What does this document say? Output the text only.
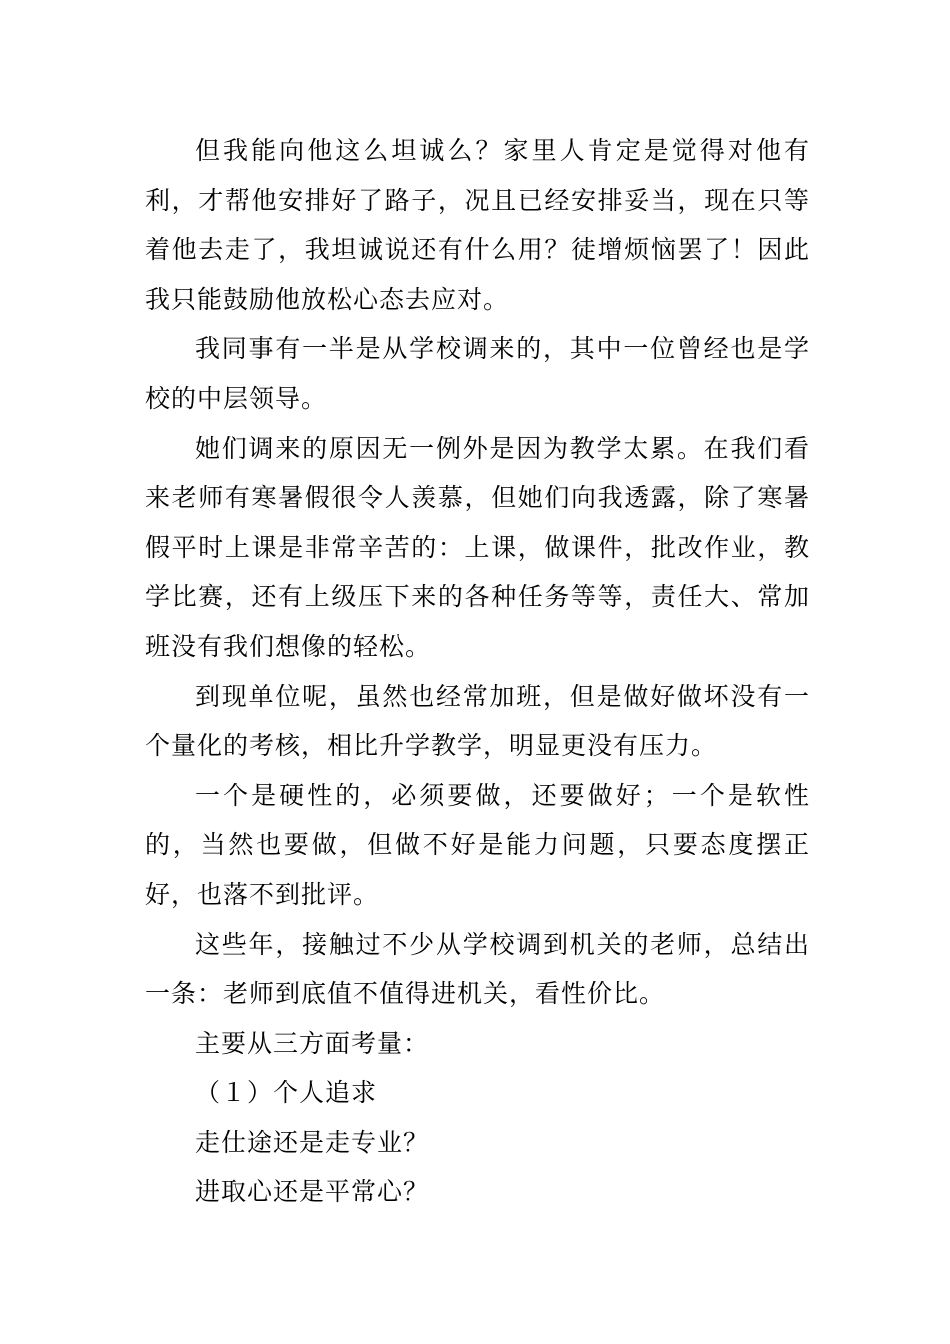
但我能向他这么坦诚么？家里人肯定是觉得对他有利，才帮他安排好了路子，况且已经安排妥当，现在只等着他去走了，我坦诚说还有什么用？徒增烦恼罢了！因此我只能鼓励他放松心态去应对。

我同事有一半是从学校调来的，其中一位曾经也是学校的中层领导。

她们调来的原因无一例外是因为教学太累。在我们看来老师有寒暑假很令人羡慕，但她们向我透露，除了寒暑假平时上课是非常辛苦的：上课，做课件，批改作业，教学比赛，还有上级压下来的各种任务等等，责任大、常加班没有我们想像的轻松。

到现单位呢，虽然也经常加班，但是做好做坏没有一个量化的考核，相比升学教学，明显更没有压力。

一个是硬性的，必须要做，还要做好；一个是软性的，当然也要做，但做不好是能力问题，只要态度摆正好，也落不到批评。

这些年，接触过不少从学校调到机关的老师，总结出一条：老师到底值不值得进机关，看性价比。

主要从三方面考量：

（１）个人追求

走仕途还是走专业？

进取心还是平常心？
